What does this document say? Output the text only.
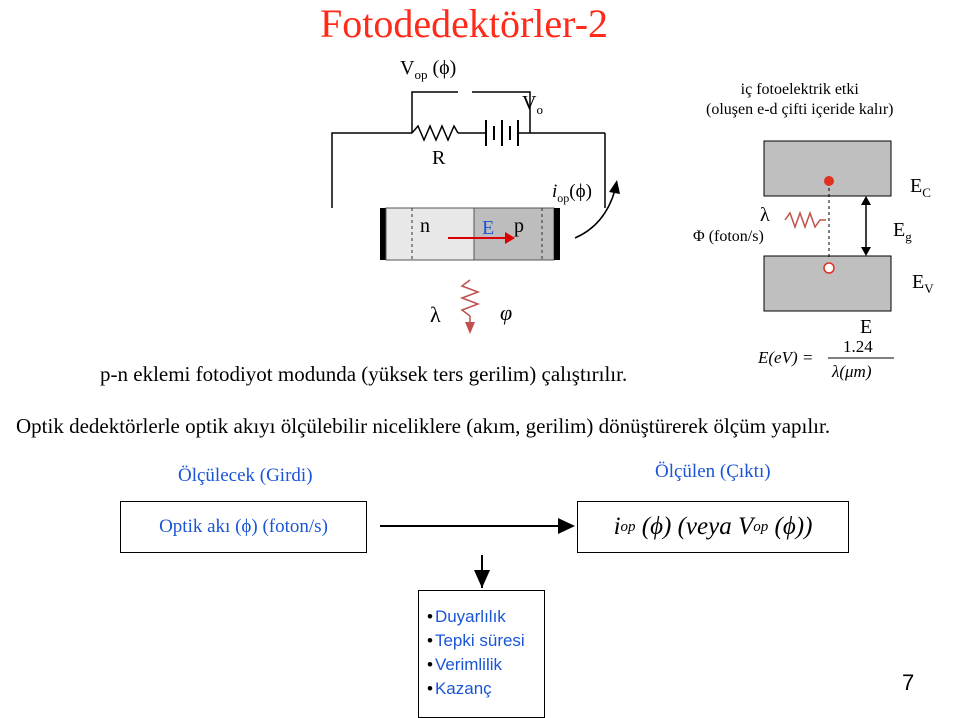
Fotodedektörler-2
$V_{op}$ (ϕ)
$V_o$
R
n	E p
$i_{op}(\phi)$
λ	φ
p-n eklemi fotodiyot modunda (yüksek ters gerilim) çalıştırılır.
iç fotoelektrik etki
(oluşen e-d çifti içeride kalır)
λ
Φ (foton/s)
$E_C$
$E_g$
$E_V$
E
E(eV) =
1.24
λ(μm)
Optik dedektörlerle optik akıyı ölçülebilir niceliklere (akım, gerilim) dönüştürerek ölçüm yapılır.
Ölçülecek (Girdi)	Ölçülen (Çıktı)
Optik akı (ϕ) (foton/s)	i op
(ϕ) (veya V op
(ϕ))
• Duyarlılık
• Tepki süresi
• Verimlilik
• Kazanç	7
